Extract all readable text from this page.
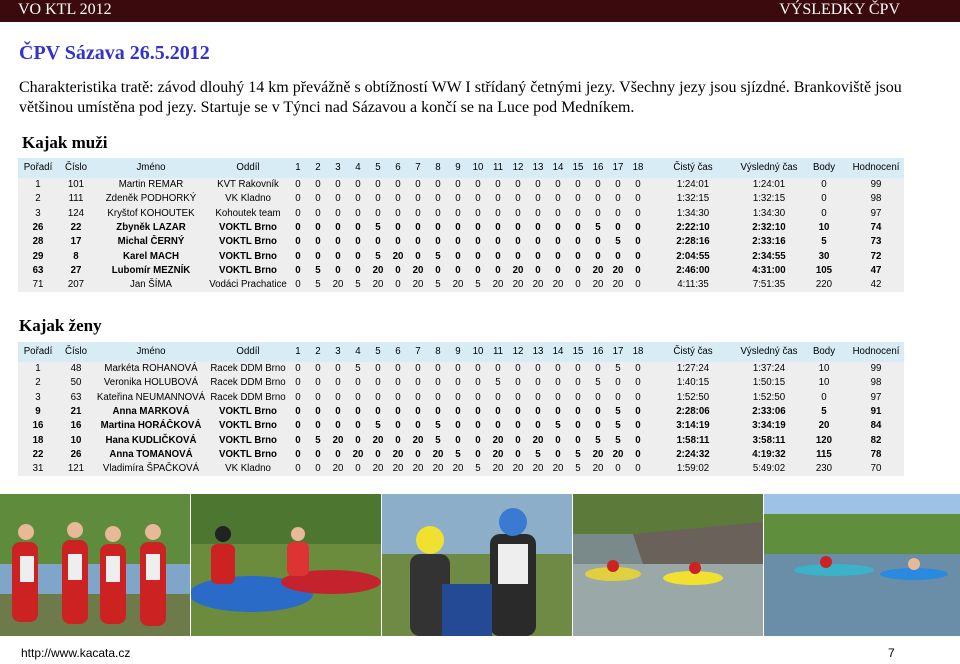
VO KTL 2012	VÝSLEDKY ČPV
ČPV Sázava 26.5.2012
Charakteristika tratě: závod dlouhý 14 km převážně s obtížností WW I střídaný četnými jezy. Všechny jezy jsou sjízdné. Brankoviště jsou většinou umístěna pod jezy. Startuje se v Týnci nad Sázavou a končí se na Luce pod Medníkem.
Kajak muži
Pořadí	Číslo	Jméno	Oddíl	1	2	3	4	5	6	7	8	9	10	11	12	13	14	15	16	17	18	Čistý čas	Výsledný čas	Body	Hodnocení
1	101	Martin REMAR	KVT Rakovník	0	0	0	0	0	0	0	0	0	0	0	0	0	0	0	0	0	0	1:24:01	1:24:01	0	99
2	111	Zdeněk PODHORKÝ	VK Kladno	0	0	0	0	0	0	0	0	0	0	0	0	0	0	0	0	0	0	1:32:15	1:32:15	0	98
3	124	Kryštof KOHOUTEK	Kohoutek team	0	0	0	0	0	0	0	0	0	0	0	0	0	0	0	0	0	0	1:34:30	1:34:30	0	97
26	22	Zbyněk LAZAR	VOKTL Brno	0	0	0	0	5	0	0	0	0	0	0	0	0	0	0	5	0	0	2:22:10	2:32:10	10	74
28	17	Michal ČERNÝ	VOKTL Brno	0	0	0	0	0	0	0	0	0	0	0	0	0	0	0	0	5	0	2:28:16	2:33:16	5	73
29	8	Karel MACH	VOKTL Brno	0	0	0	0	5	20	0	5	0	0	0	0	0	0	0	0	0	0	2:04:55	2:34:55	30	72
63	27	Lubomír MEZNÍK	VOKTL Brno	0	5	0	0	20	0	20	0	0	0	0	20	0	0	0	20	20	0	2:46:00	4:31:00	105	47
71	207	Jan ŠÍMA	Vodáci Prachatice	0	5	20	5	20	0	20	5	20	5	20	20	20	20	0	20	20	0	4:11:35	7:51:35	220	42
Kajak ženy
Pořadí	Číslo	Jméno	Oddíl	1	2	3	4	5	6	7	8	9	10	11	12	13	14	15	16	17	18	Čistý čas	Výsledný čas	Body	Hodnocení
1	48	Markéta ROHANOVÁ	Racek DDM Brno	0	0	0	5	0	0	0	0	0	0	0	0	0	0	0	0	5	0	1:27:24	1:37:24	10	99
2	50	Veronika HOLUBOVÁ	Racek DDM Brno	0	0	0	0	0	0	0	0	0	0	5	0	0	0	0	5	0	0	1:40:15	1:50:15	10	98
3	63	Kateřina NEUMANNOVÁ	Racek DDM Brno	0	0	0	0	0	0	0	0	0	0	0	0	0	0	0	0	0	0	1:52:50	1:52:50	0	97
9	21	Anna MARKOVÁ	VOKTL Brno	0	0	0	0	0	0	0	0	0	0	0	0	0	0	0	0	5	0	2:28:06	2:33:06	5	91
16	16	Martina HORÁČKOVÁ	VOKTL Brno	0	0	0	0	5	0	0	5	0	0	0	0	0	5	0	0	5	0	3:14:19	3:34:19	20	84
18	10	Hana KUDLIČKOVÁ	VOKTL Brno	0	5	20	0	20	0	20	5	0	0	20	0	20	0	0	5	5	0	1:58:11	3:58:11	120	82
22	26	Anna TOMANOVÁ	VOKTL Brno	0	0	0	20	0	20	0	20	5	0	20	0	5	0	5	20	20	0	2:24:32	4:19:32	115	78
31	121	Vladimíra ŠPAČKOVÁ	VK Kladno	0	0	20	0	20	20	20	20	20	5	20	20	20	20	5	20	0	0	1:59:02	5:49:02	230	70
http://www.kacata.cz	7
